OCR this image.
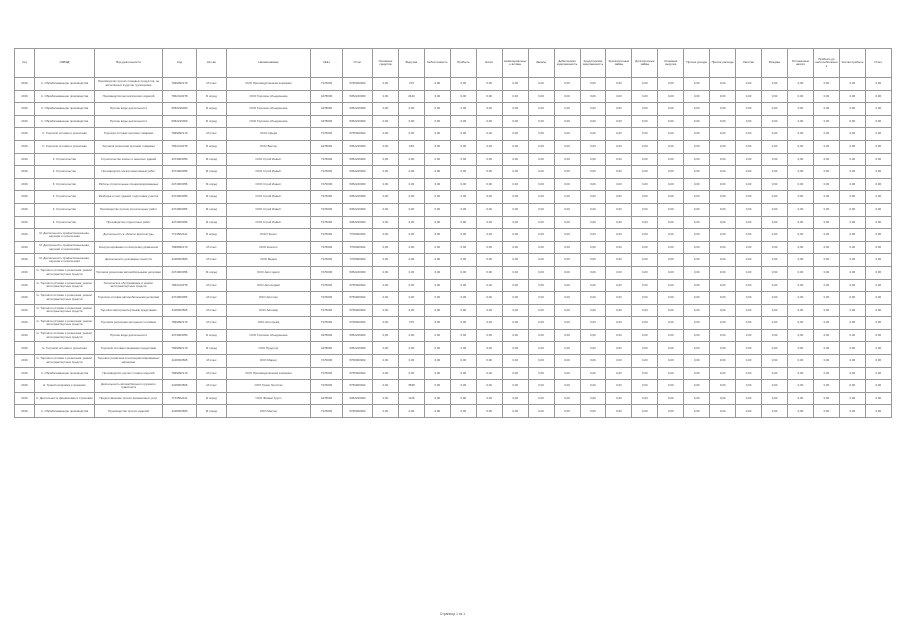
Год	ОКВЭД	Вид деятельности	Код	Кол-во	Наименование	ИНН	Отчет	Основные средства	Выручка	Себестоимость	Прибыль	Налог	Нематериальные активы	Запасы	Дебиторская задолженность	Кредиторская задолженность	Краткосрочные займы	Долгосрочные займы	Основная выручка	Прочие доходы	Прочие расходы	Капитал	Резервы	Отложенные налоги	Прибыль до налогообложения	Чистая прибыль	Итого
2016	С. Обрабатывающие производства	Производство прочих пищевых продуктов, не включённых в другие группировки	7999992179	М плюс	ООО Производственная компания	7476000	5766000302	0,00	379	0,00	0,00	0,00	0,00	0,00	0,00	0,00	0,00	0,00	0,00	0,00	0,00	0,00	0,00	0,00	0,00	0,00	0,00
2016	С. Обрабатывающие производства	Производство металлических изделий	7962410378	Б опред	ООО Торговое объединение	4478000	5352220000	0,00	2440	0,00	0,00	0,00	0,00	0,00	0,00	0,00	0,00	0,00	0,00	0,00	0,00	0,00	0,00	0,00	0,00	0,00	0,00
2016	С. Обрабатывающие производства	Прочие виды деятельности	5352220000	Б опред	ООО Торговое объединение	4478000	5352220000	0,00	0,00	0,00	0,00	0,00	0,00	0,00	0,00	0,00	0,00	0,00	0,00	0,00	0,00	0,00	0,00	0,00	0,00	0,00	0,00
2016	С. Обрабатывающие производства	Прочие виды деятельности	5352220000	Б опред	ООО Торговое объединение	4478000	5352220000	0,00	0,00	0,00	0,00	0,00	0,00	0,00	0,00	0,00	0,00	0,00	0,00	0,00	0,00	0,00	0,00	0,00	0,00	0,00	0,00
2016	С. Торговля оптовая и розничная	Торговля оптовая прочими товарами	7999992179	М плюс	ООО Сфера	7476000	5766000302	0,00	0,00	0,00	0,00	0,00	0,00	0,00	0,00	0,00	0,00	0,00	0,00	0,00	0,00	0,00	0,00	0,00	0,00	0,00	0,00
2016	С. Торговля оптовая и розничная	Торговля розничная прочими товарами	7962410378	Б опред	ООО Вектор	4478000	5352220000	0,00	183	0,00	0,00	0,00	0,00	0,00	0,00	0,00	0,00	0,00	0,00	0,00	0,00	0,00	0,00	0,00	0,00	0,00	0,00
2016	F. Строительство	Строительство жилых и нежилых зданий	4474903056	М опред	ООО Строй Инвест	7476000	5352220000	0,00	0,00	0,00	0,00	0,00	0,00	0,00	0,00	0,00	0,00	0,00	0,00	0,00	0,00	0,00	0,00	0,00	0,00	0,00	0,00
2016	F. Строительство	Производство электромонтажных работ	4474903056	М опред	ООО Строй Инвест	7476000	5352220000	0,00	0,00	0,00	0,00	0,00	0,00	0,00	0,00	0,00	0,00	0,00	0,00	0,00	0,00	0,00	0,00	0,00	0,00	0,00	0,00
2016	F. Строительство	Работы строительные специализированные	4474903056	М опред	ООО Строй Инвест	7476000	5352220000	0,00	0,00	0,00	0,00	0,00	0,00	0,00	0,00	0,00	0,00	0,00	0,00	0,00	0,00	0,00	0,00	0,00	0,00	0,00	0,00
2016	F. Строительство	Разборка и снос зданий, подготовка участка	4474903056	М опред	ООО Строй Инвест	7476000	5352220000	0,00	0,00	0,00	0,00	0,00	0,00	0,00	0,00	0,00	0,00	0,00	0,00	0,00	0,00	0,00	0,00	0,00	0,00	0,00	0,00
2016	F. Строительство	Производство прочих строительных работ	4474903056	М опред	ООО Строй Инвест	7476000	5352220000	0,00	0,00	0,00	0,00	0,00	0,00	0,00	0,00	0,00	0,00	0,00	0,00	0,00	0,00	0,00	0,00	0,00	0,00	0,00	0,00
2016	F. Строительство	Производство отделочных работ	4474903056	М опред	ООО Строй Инвест	7476000	5352220000	0,00	0,00	0,00	0,00	0,00	0,00	0,00	0,00	0,00	0,00	0,00	0,00	0,00	0,00	0,00	0,00	0,00	0,00	0,00	0,00
2016	М. Деятельность профессиональная, научная и техническая	Деятельность в области архитектуры	7713502121	Б опред	ООО Проект	7476000	7706000302	0,00	0,00	0,00	0,00	0,00	0,00	0,00	0,00	0,00	0,00	0,00	0,00	0,00	0,00	0,00	0,00	0,00	0,00	0,00	0,00
2016	М. Деятельность профессиональная, научная и техническая	Консультирование по вопросам управления	7999992179	М плюс	ООО Консалт	7476000	7706000302	0,00	0,00	0,00	0,00	0,00	0,00	0,00	0,00	0,00	0,00	0,00	0,00	0,00	0,00	0,00	0,00	0,00	0,00	0,00	0,00
2016	М. Деятельность профессиональная, научная и техническая	Деятельность рекламных агентств	4418003505	М плюс	ООО Медиа	7476000	7706000302	0,00	0,00	0,00	0,00	0,00	0,00	0,00	0,00	0,00	0,00	0,00	0,00	0,00	0,00	0,00	0,00	0,00	0,00	0,00	0,00
2016	G. Торговля оптовая и розничная; ремонт автотранспортных средств	Торговля розничная автомобильными деталями	4474903056	М опред	ООО Авто Центр	7476000	5352220000	0,00	0,00	0,00	0,00	0,00	0,00	0,00	0,00	0,00	0,00	0,00	0,00	0,00	0,00	0,00	0,00	0,00	0,00	0,00	0,00
2016	G. Торговля оптовая и розничная; ремонт автотранспортных средств	Техническое обслуживание и ремонт автотранспортных средств	7962410378	М плюс	ООО Автосервис	7476000	5766000302	0,00	0,00	0,00	0,00	0,00	0,00	0,00	0,00	0,00	0,00	0,00	0,00	0,00	0,00	0,00	0,00	0,00	0,00	0,00	0,00
2016	G. Торговля оптовая и розничная; ремонт автотранспортных средств	Торговля оптовая автомобильными деталями	4474903056	М плюс	ООО Автоторг	7476000	5766000302	0,00	0,00	0,00	0,00	0,00	0,00	0,00	0,00	0,00	0,00	0,00	0,00	0,00	0,00	0,00	0,00	0,00	0,00	0,00	0,00
2016	G. Торговля оптовая и розничная; ремонт автотранспортных средств	Торговля автотранспортными средствами	4418003505	М плюс	ООО Автомир	7476000	5766000302	0,00	0,00	0,00	0,00	0,00	0,00	0,00	0,00	0,00	0,00	0,00	0,00	0,00	0,00	0,00	0,00	0,00	0,00	0,00	0,00
2016	G. Торговля оптовая и розничная; ремонт автотранспортных средств	Торговля розничная моторным топливом	7999992179	М плюс	ООО Автотрейд	7476000	5766000302	0,00	379	0,00	0,00	0,00	0,00	0,00	0,00	0,00	0,00	0,00	0,00	0,00	0,00	0,00	0,00	0,00	0,00	0,00	0,00
2016	G. Торговля оптовая и розничная; ремонт автотранспортных средств	Прочие виды деятельности	4474903056	Б опред	ООО Торговое объединение	4478000	5352220000	0,00	0,00	0,00	0,00	0,00	0,00	0,00	0,00	0,00	0,00	0,00	0,00	0,00	0,00	0,00	0,00	0,00	0,00	0,00	0,00
2016	G. Торговля оптовая и розничная	Торговля оптовая пищевыми продуктами	7999992179	М опред	ООО Продторг	4478000	5352220000	0,00	0,00	0,00	0,00	0,00	0,00	0,00	0,00	0,00	0,00	0,00	0,00	0,00	0,00	0,00	0,00	0,00	0,00	0,00	0,00
2016	G. Торговля оптовая и розничная; ремонт автотранспортных средств	Торговля розничная в неспециализированных магазинах	4418003505	М плюс	ООО Маркет	7476000	5766000302	0,00	0,00	0,00	0,00	0,00	0,00	0,00	0,00	0,00	0,00	0,00	0,00	0,00	0,00	0,00	0,00	0,00	0,00	0,00	0,00
2016	С. Обрабатывающие производства	Производство прочих готовых изделий	7999992179	М плюс	ООО Производственная компания	7476000	5766000302	0,00	0,00	0,00	0,00	0,00	0,00	0,00	0,00	0,00	0,00	0,00	0,00	0,00	0,00	0,00	0,00	0,00	0,00	0,00	0,00
2016	Н. Транспортировка и хранение	Деятельность автомобильного грузового транспорта	4418003505	М плюс	ООО Транс Логистик	7476000	5766000302	0,00	3538	0,00	0,00	0,00	0,00	0,00	0,00	0,00	0,00	0,00	0,00	0,00	0,00	0,00	0,00	0,00	0,00	0,00	0,00
2016	К. Деятельность финансовая и страховая	Предоставление прочих финансовых услуг	7713502121	Б опред	ООО Финанс Групп	4478000	5352220000	0,00	1146	0,00	0,00	0,00	0,00	0,00	0,00	0,00	0,00	0,00	0,00	0,00	0,00	0,00	0,00	0,00	0,00	0,00	0,00
2016	С. Обрабатывающие производства	Производство прочих изделий	4418003505	М опред	ООО Мастер	7476000	5766000302	0,00	0,00	0,00	0,00	0,00	0,00	0,00	0,00	0,00	0,00	0,00	0,00	0,00	0,00	0,00	0,00	0,00	0,00	0,00	0,00
Страница 1 из 1
